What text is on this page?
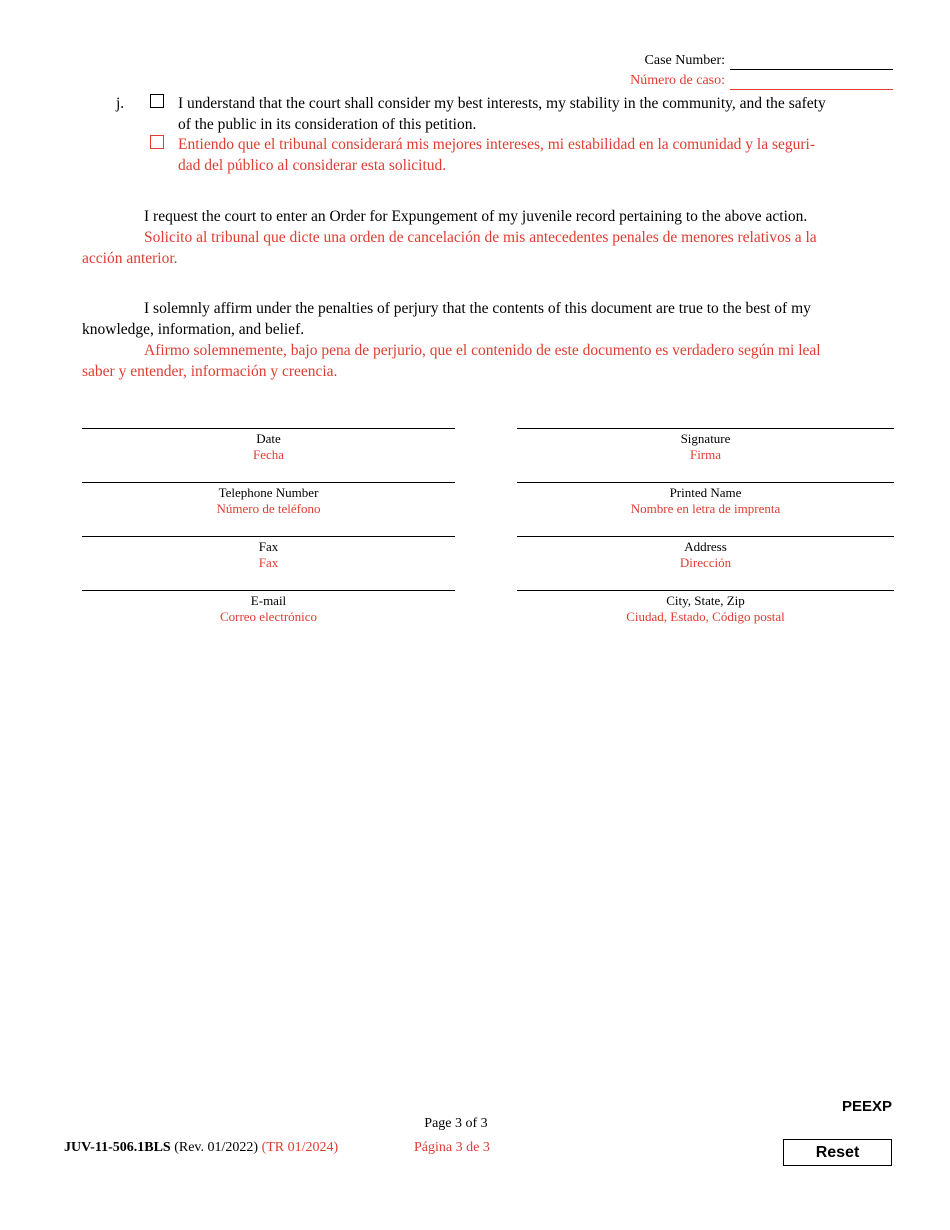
Case Number:
Número de caso:
j.	I understand that the court shall consider my best interests, my stability in the community, and the safety
of the public in its consideration of this petition.
Entiendo que el tribunal considerará mis mejores intereses, mi estabilidad en la comunidad y la seguri-
dad del público al considerar esta solicitud.
I request the court to enter an Order for Expungement of my juvenile record pertaining to the above action.
Solicito al tribunal que dicte una orden de cancelación de mis antecedentes penales de menores relativos a la
acción anterior.
I solemnly affirm under the penalties of perjury that the contents of this document are true to the best of my
knowledge, information, and belief.
Afirmo solemnemente, bajo pena de perjurio, que el contenido de este documento es verdadero según mi leal
saber y entender, información y creencia.
Date
Fecha
Telephone Number
Número de teléfono
Fax
Fax
E-mail
Correo electrónico
Signature
Firma
Printed Name
Nombre en letra de imprenta
Address
Dirección
City, State, Zip
Ciudad, Estado, Código postal
PEEXP
Page 3 of 3
JUV-11-506.1BLS (Rev. 01/2022) (TR 01/2024)	Página 3 de 3	Reset
